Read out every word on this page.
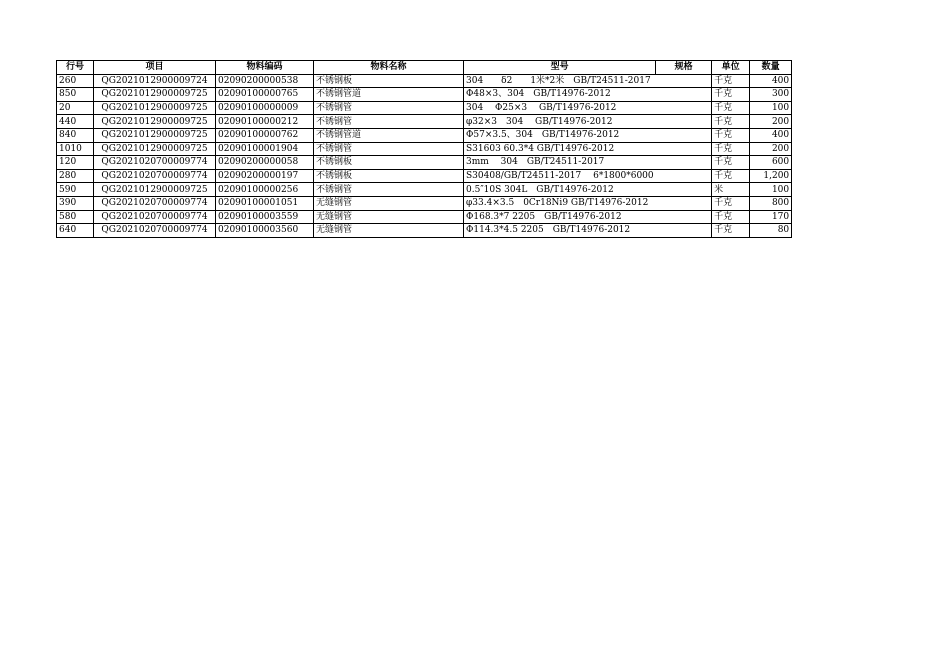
行号	项目	物料编码	物料名称	型号	规格	单位	数量
260	QG2021012900009724	02090200000538	不锈钢板	304　　δ2　　1米*2米　GB/T24511-2017		千克	400
850	QG2021012900009725	02090100000765	不锈钢管道	Φ48×3、304　GB/T14976-2012		千克	300
20	QG2021012900009725	02090100000009	不锈钢管	304　 Φ25×3　 GB/T14976-2012		千克	100
440	QG2021012900009725	02090100000212	不锈钢管	φ32×3　304　 GB/T14976-2012		千克	200
840	QG2021012900009725	02090100000762	不锈钢管道	Φ57×3.5、304　GB/T14976-2012		千克	400
1010	QG2021012900009725	02090100001904	不锈钢管	S31603 60.3*4 GB/T14976-2012		千克	200
120	QG2021020700009774	02090200000058	不锈钢板	3mm　 304　GB/T24511-2017		千克	600
280	QG2021020700009774	02090200000197	不锈钢板	S30408/GB/T24511-2017　 6*1800*6000		千克	1,200
590	QG2021012900009725	02090100000256	不锈钢管	0.5″10S 304L　GB/T14976-2012		米	100
390	QG2021020700009774	02090100001051	无缝钢管	φ33.4×3.5　0Cr18Ni9 GB/T14976-2012		千克	800
580	QG2021020700009774	02090100003559	无缝钢管	Φ168.3*7 2205　GB/T14976-2012		千克	170
640	QG2021020700009774	02090100003560	无缝钢管	Φ114.3*4.5 2205　GB/T14976-2012		千克	80
